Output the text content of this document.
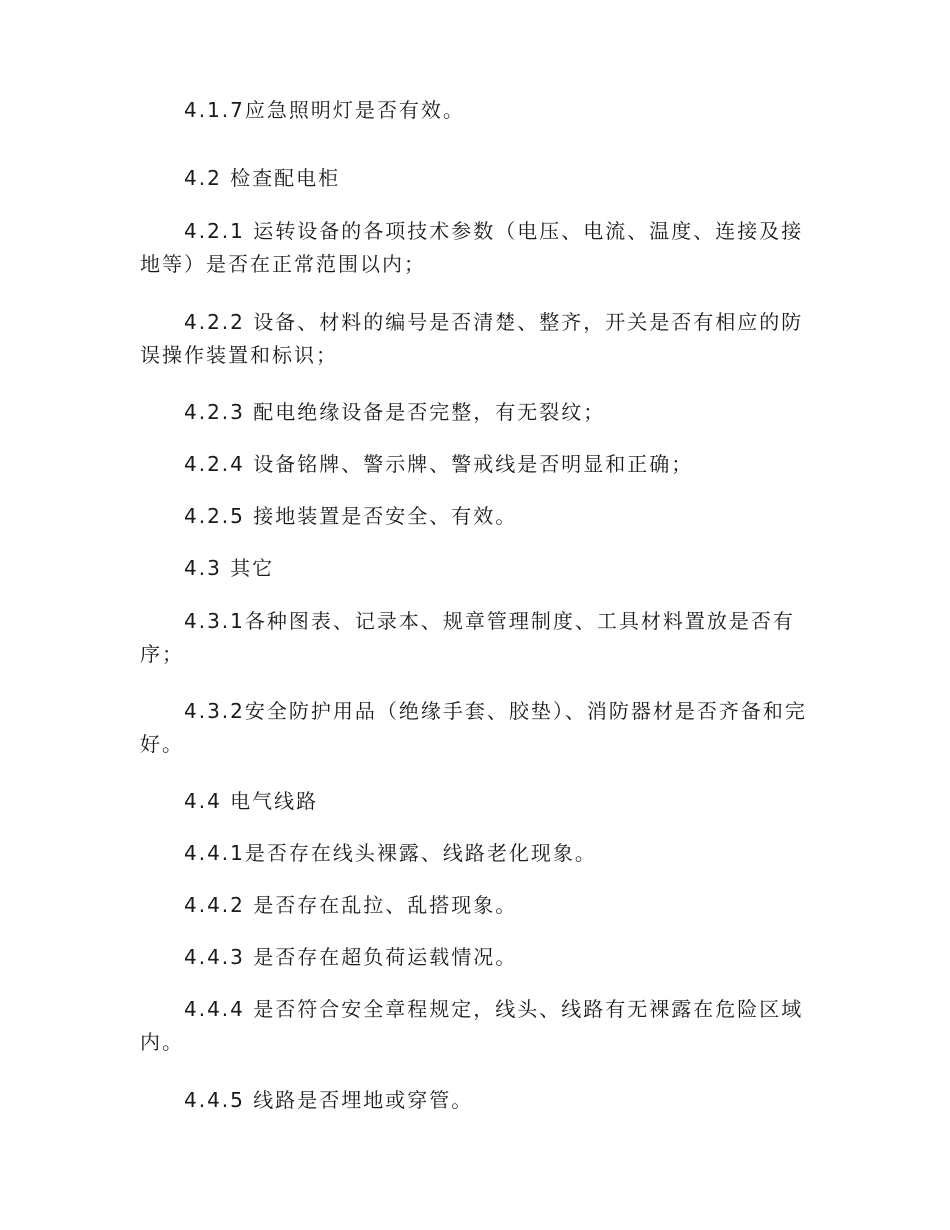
4.1.7应急照明灯是否有效。

4.2 检查配电柜

4.2.1 运转设备的各项技术参数（电压、电流、温度、连接及接地等）是否在正常范围以内；

4.2.2 设备、材料的编号是否清楚、整齐，开关是否有相应的防误操作装置和标识；

4.2.3 配电绝缘设备是否完整，有无裂纹；

4.2.4 设备铭牌、警示牌、警戒线是否明显和正确；

4.2.5 接地装置是否安全、有效。

4.3 其它

4.3.1各种图表、记录本、规章管理制度、工具材料置放是否有序；

4.3.2安全防护用品（绝缘手套、胶垫）、消防器材是否齐备和完好。

4.4 电气线路

4.4.1是否存在线头裸露、线路老化现象。

4.4.2 是否存在乱拉、乱搭现象。

4.4.3 是否存在超负荷运载情况。

4.4.4 是否符合安全章程规定，线头、线路有无裸露在危险区域内。

4.4.5 线路是否埋地或穿管。
